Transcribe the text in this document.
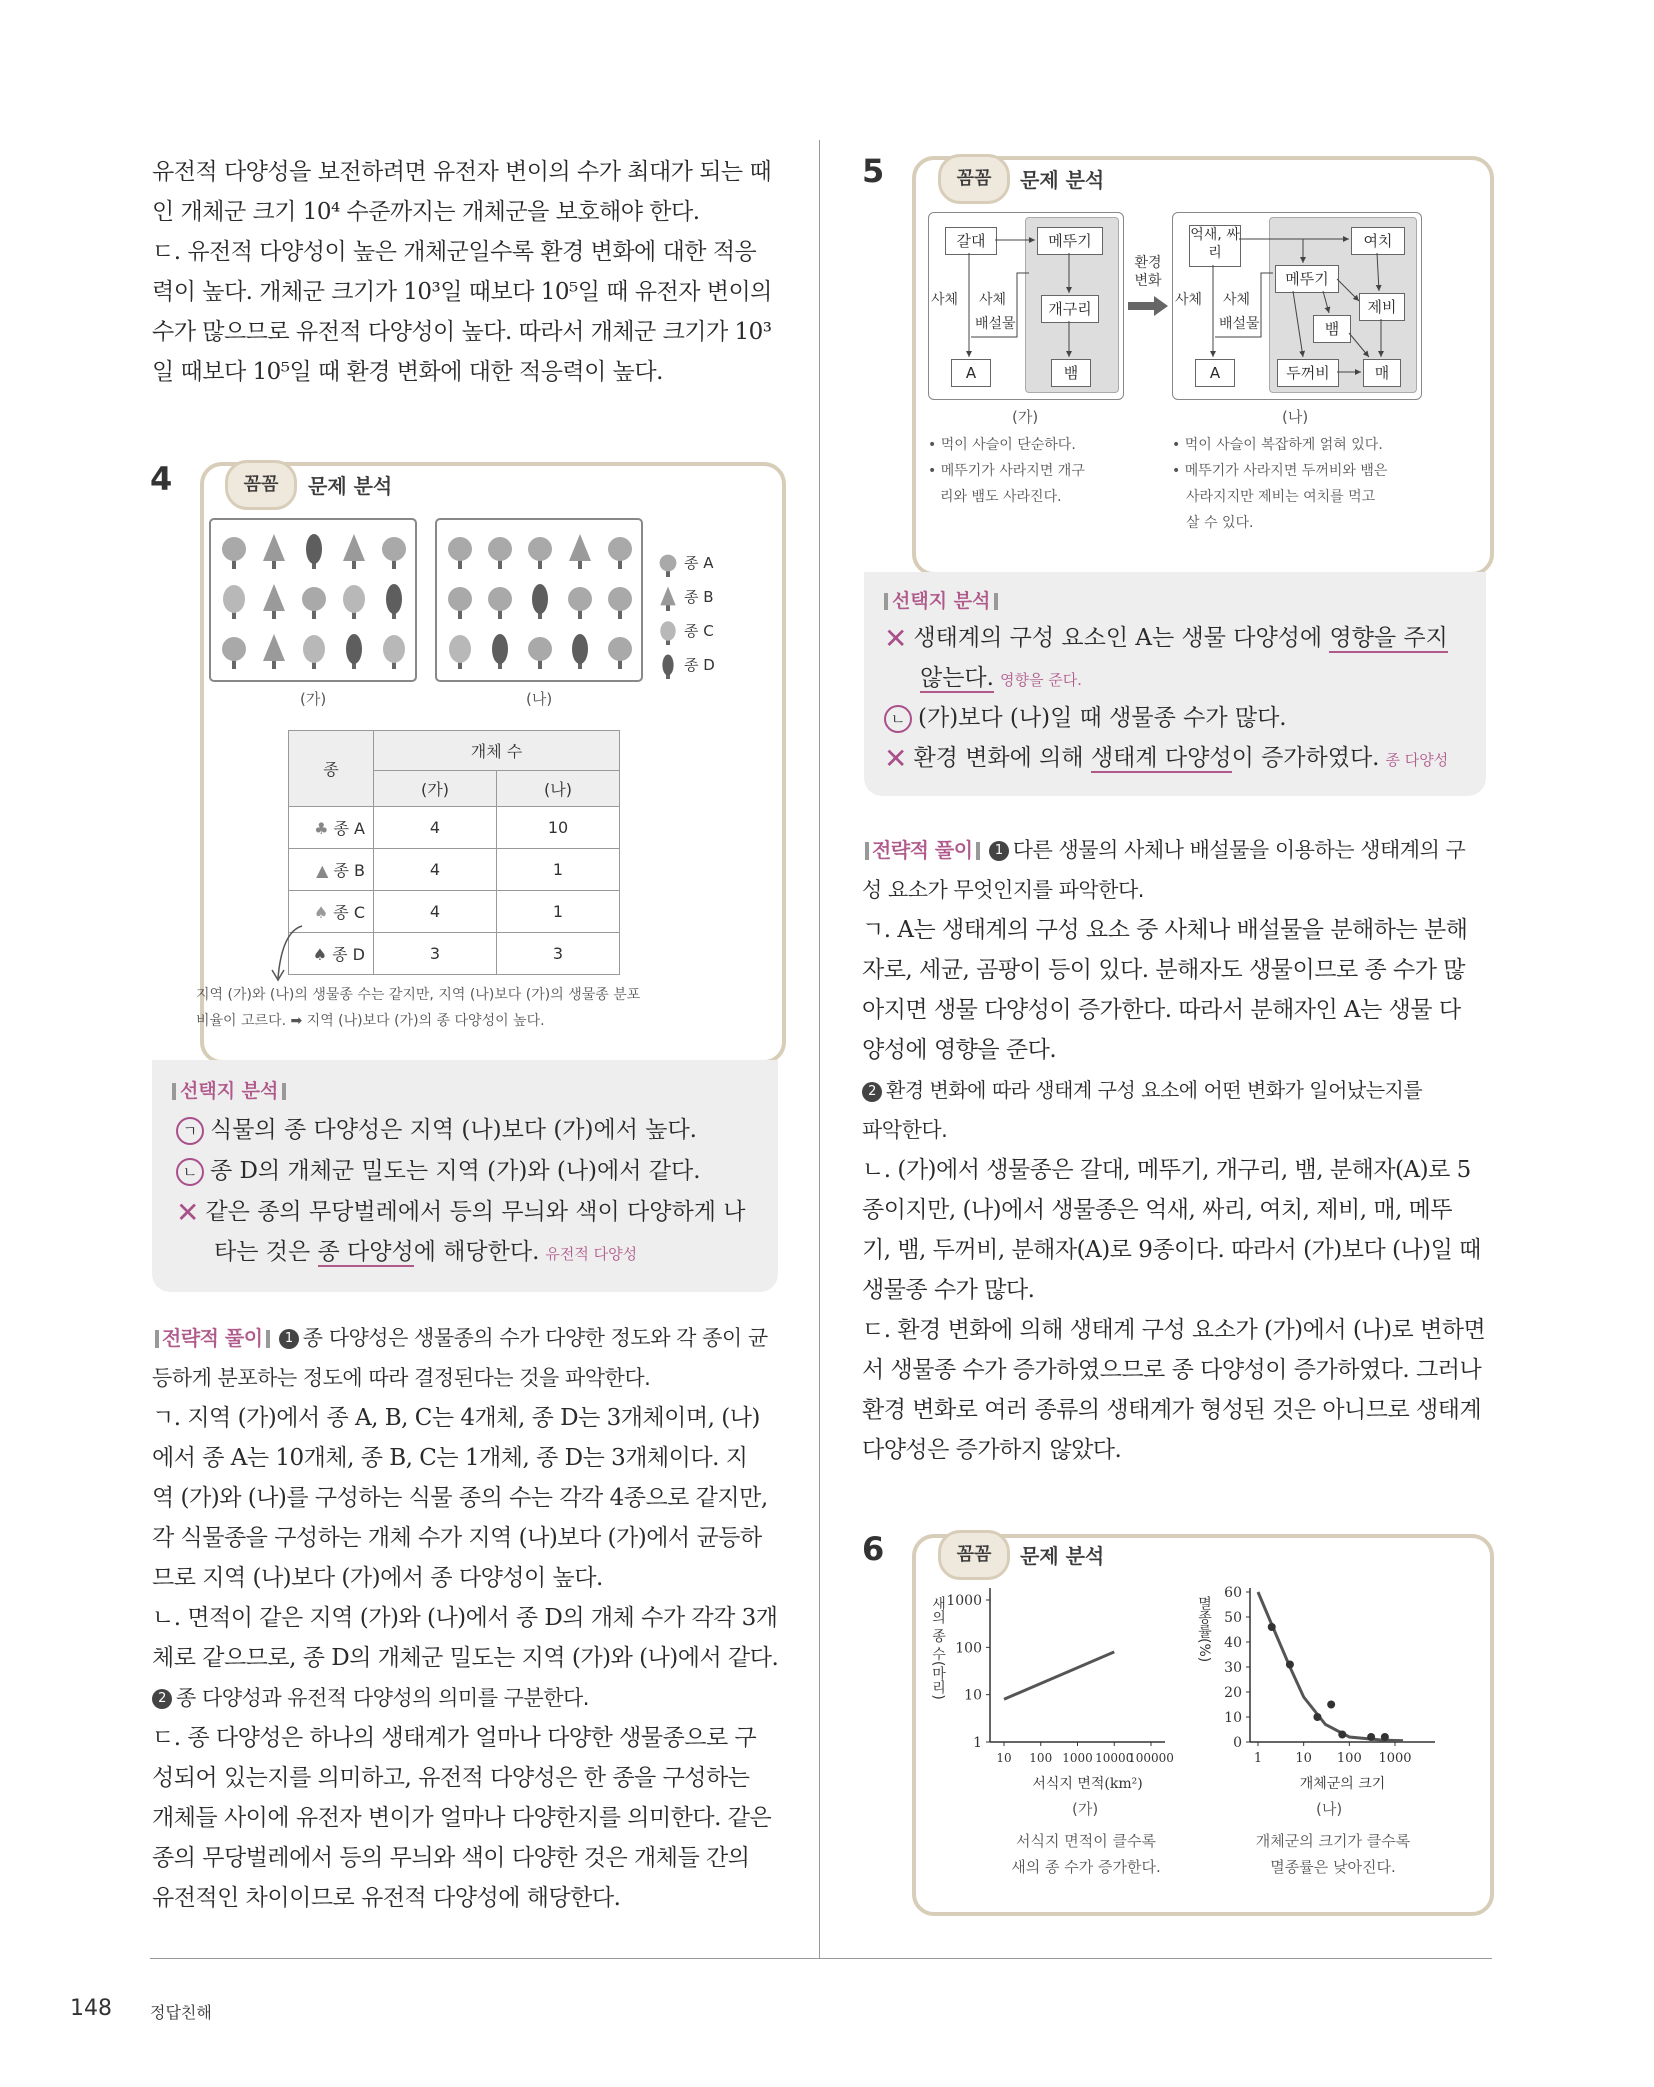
유전적 다양성을 보전하려면 유전자 변이의 수가 최대가 되는 때

인 개체군 크기 10⁴ 수준까지는 개체군을 보호해야 한다.

ㄷ. 유전적 다양성이 높은 개체군일수록 환경 변화에 대한 적응

력이 높다. 개체군 크기가 10³일 때보다 10⁵일 때 유전자 변이의

수가 많으므로 유전적 다양성이 높다. 따라서 개체군 크기가 10³

일 때보다 10⁵일 때 환경 변화에 대한 적응력이 높다.

4	꼼꼼	문제 분석
(가)	(나)
종 A
종 B
종 C
종 D
종	개체 수	
	(가)	(나)
♣ 종 A	4	10
▲ 종 B	4	1
♠ 종 C	4	1
♠ 종 D	3	3
지역 (가)와 (나)의 생물종 수는 같지만, 지역 (나)보다 (가)의 생물종 분포
비율이 고르다. ➡ 지역 (나)보다 (가)의 종 다양성이 높다.
선택지 분석
ㄱ 식물의 종 다양성은 지역 (나)보다 (가)에서 높다.
ㄴ 종 D의 개체군 밀도는 지역 (가)와 (나)에서 같다.
✕ 같은 종의 무당벌레에서 등의 무늬와 색이 다양하게 나
타는 것은 종 다양성에 해당한다. 유전적 다양성

전략적 풀이 1 종 다양성은 생물종의 수가 다양한 정도와 각 종이 균

등하게 분포하는 정도에 따라 결정된다는 것을 파악한다.

ㄱ. 지역 (가)에서 종 A, B, C는 4개체, 종 D는 3개체이며, (나)

에서 종 A는 10개체, 종 B, C는 1개체, 종 D는 3개체이다. 지

역 (가)와 (나)를 구성하는 식물 종의 수는 각각 4종으로 같지만,

각 식물종을 구성하는 개체 수가 지역 (나)보다 (가)에서 균등하

므로 지역 (나)보다 (가)에서 종 다양성이 높다.

ㄴ. 면적이 같은 지역 (가)와 (나)에서 종 D의 개체 수가 각각 3개

체로 같으므로, 종 D의 개체군 밀도는 지역 (가)와 (나)에서 같다.

2 종 다양성과 유전적 다양성의 의미를 구분한다.

ㄷ. 종 다양성은 하나의 생태계가 얼마나 다양한 생물종으로 구

성되어 있는지를 의미하고, 유전적 다양성은 한 종을 구성하는

개체들 사이에 유전자 변이가 얼마나 다양한지를 의미한다. 같은

종의 무당벌레에서 등의 무늬와 색이 다양한 것은 개체들 간의

유전적인 차이이므로 유전적 다양성에 해당한다.

5	꼼꼼	문제 분석
갈대	메뚜기
개구리
뱀
A
사체 사체
배설물
환경 변화
억새, 싸리
여치
메뚜기
제비
뱀
두꺼비	매
A
사체 사체
배설물
(가)	(나)
• 먹이 사슬이 단순하다.
• 메뚜기가 사라지면 개구
리와 뱀도 사라진다.
• 먹이 사슬이 복잡하게 얽혀 있다.
• 메뚜기가 사라지면 두꺼비와 뱀은
사라지지만 제비는 여치를 먹고
살 수 있다.
선택지 분석
✕ 생태계의 구성 요소인 A는 생물 다양성에 영향을 주지
않는다. 영향을 준다.
ㄴ (가)보다 (나)일 때 생물종 수가 많다.
✕ 환경 변화에 의해 생태계 다양성이 증가하였다. 종 다양성

전략적 풀이 1 다른 생물의 사체나 배설물을 이용하는 생태계의 구

성 요소가 무엇인지를 파악한다.

ㄱ. A는 생태계의 구성 요소 중 사체나 배설물을 분해하는 분해

자로, 세균, 곰팡이 등이 있다. 분해자도 생물이므로 종 수가 많

아지면 생물 다양성이 증가한다. 따라서 분해자인 A는 생물 다

양성에 영향을 준다.

2 환경 변화에 따라 생태계 구성 요소에 어떤 변화가 일어났는지를

파악한다.

ㄴ. (가)에서 생물종은 갈대, 메뚜기, 개구리, 뱀, 분해자(A)로 5

종이지만, (나)에서 생물종은 억새, 싸리, 여치, 제비, 매, 메뚜

기, 뱀, 두꺼비, 분해자(A)로 9종이다. 따라서 (가)보다 (나)일 때

생물종 수가 많다.

ㄷ. 환경 변화에 의해 생태계 구성 요소가 (가)에서 (나)로 변하면

서 생물종 수가 증가하였으므로 종 다양성이 증가하였다. 그러나

환경 변화로 여러 종류의 생태계가 형성된 것은 아니므로 생태계

다양성은 증가하지 않았다.

6	꼼꼼	문제 분석
1
10
100
1000
10 100 1000 10000
100000
새의 종 수(마리)
서식지 면적(km²)
0
10
20
30
40
50
60
1	10 100 1000
멸종률(%)
개체군의 크기
(가)
서식지 면적이 클수록
새의 종 수가 증가한다.
(나)
개체군의 크기가 클수록
멸종률은 낮아진다.
148 정답친해
